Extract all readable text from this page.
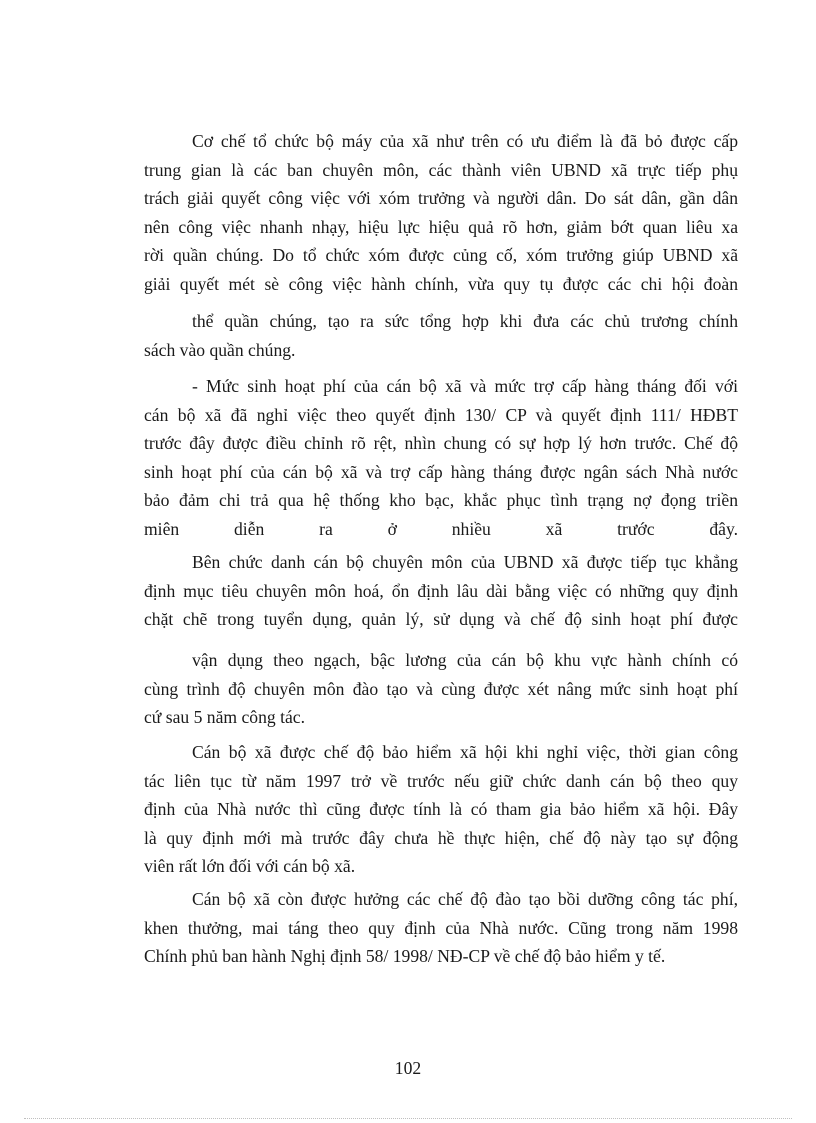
Cơ chế tổ chức bộ máy của xã như trên có ưu điểm là đã bỏ được cấp
trung gian là các ban chuyên môn, các thành viên UBND xã trực tiếp phụ
trách giải quyết công việc với xóm trưởng và người dân. Do sát dân, gần dân
nên công việc nhanh nhạy, hiệu lực hiệu quả rõ hơn, giảm bớt quan liêu xa
rời quần chúng. Do tổ chức xóm được củng cố, xóm trưởng giúp UBND xã
giải quyết mét sè công việc hành chính, vừa quy tụ được các chi hội đoàn

thể quần chúng, tạo ra sức tổng hợp khi đưa các chủ trương chính
sách vào quần chúng.

- Mức sinh hoạt phí của cán bộ xã và mức trợ cấp hàng tháng đối với
cán bộ xã đã nghỉ việc theo quyết định 130/ CP và quyết định 111/ HĐBT
trước đây được điều chỉnh rõ rệt, nhìn chung có sự hợp lý hơn trước. Chế độ
sinh hoạt phí của cán bộ xã và trợ cấp hàng tháng được ngân sách Nhà nước
bảo đảm chi trả qua hệ thống kho bạc, khắc phục tình trạng nợ đọng triền
miên diễn ra ở nhiều xã trước đây.

Bên chức danh cán bộ chuyên môn của UBND xã được tiếp tục khẳng
định mục tiêu chuyên môn hoá, ổn định lâu dài bằng việc có những quy định
chặt chẽ trong tuyển dụng, quản lý, sử dụng và chế độ sinh hoạt phí được

vận dụng theo ngạch, bậc lương của cán bộ khu vực hành chính có
cùng trình độ chuyên môn đào tạo và cùng được xét nâng mức sinh hoạt phí
cứ sau 5 năm công tác.

Cán bộ xã được chế độ bảo hiểm xã hội khi nghỉ việc, thời gian công
tác liên tục từ năm 1997 trở về trước nếu giữ chức danh cán bộ theo quy
định của Nhà nước thì cũng được tính là có tham gia bảo hiểm xã hội. Đây
là quy định mới mà trước đây chưa hề thực hiện, chế độ này tạo sự động
viên rất lớn đối với cán bộ xã.

Cán bộ xã còn được hưởng các chế độ đào tạo bồi dưỡng công tác phí,
khen thưởng, mai táng theo quy định của Nhà nước. Cũng trong năm 1998
Chính phủ ban hành Nghị định 58/ 1998/ NĐ-CP về chế độ bảo hiểm y tế.

102
